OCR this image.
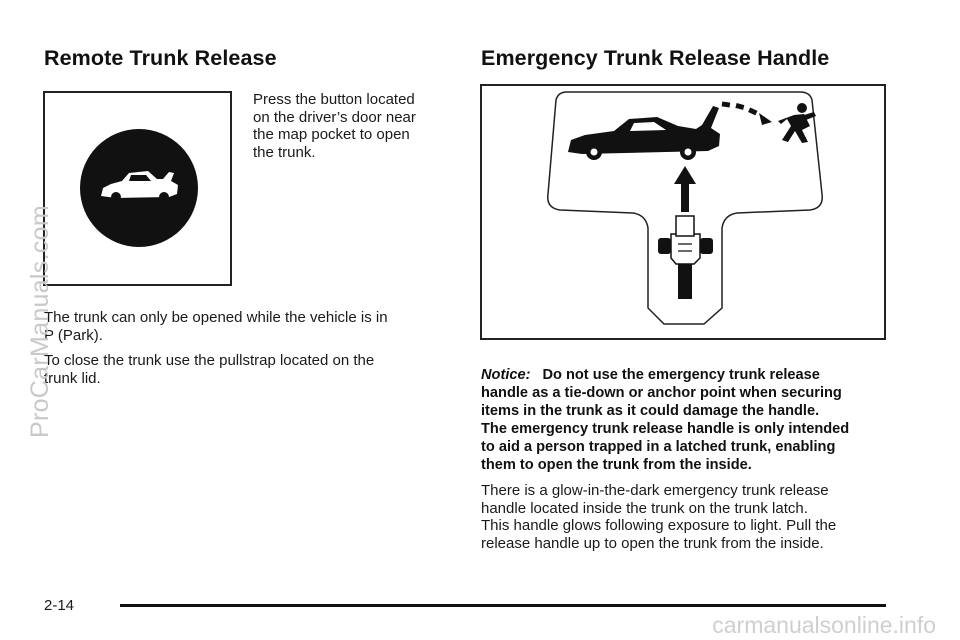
Remote Trunk Release

Press the button located

on the driver’s door near

the map pocket to open

the trunk.

The trunk can only be opened while the vehicle is in

P (Park).

To close the trunk use the pullstrap located on the

trunk lid.

Emergency Trunk Release Handle
Notice: Do not use the emergency trunk release
handle as a tie-down or anchor point when securing
items in the trunk as it could damage the handle.
The emergency trunk release handle is only intended
to aid a person trapped in a latched trunk, enabling
them to open the trunk from the inside.

There is a glow-in-the-dark emergency trunk release

handle located inside the trunk on the trunk latch.

This handle glows following exposure to light. Pull the

release handle up to open the trunk from the inside.

2-14
ProCarManuals.com
carmanualsonline.info
